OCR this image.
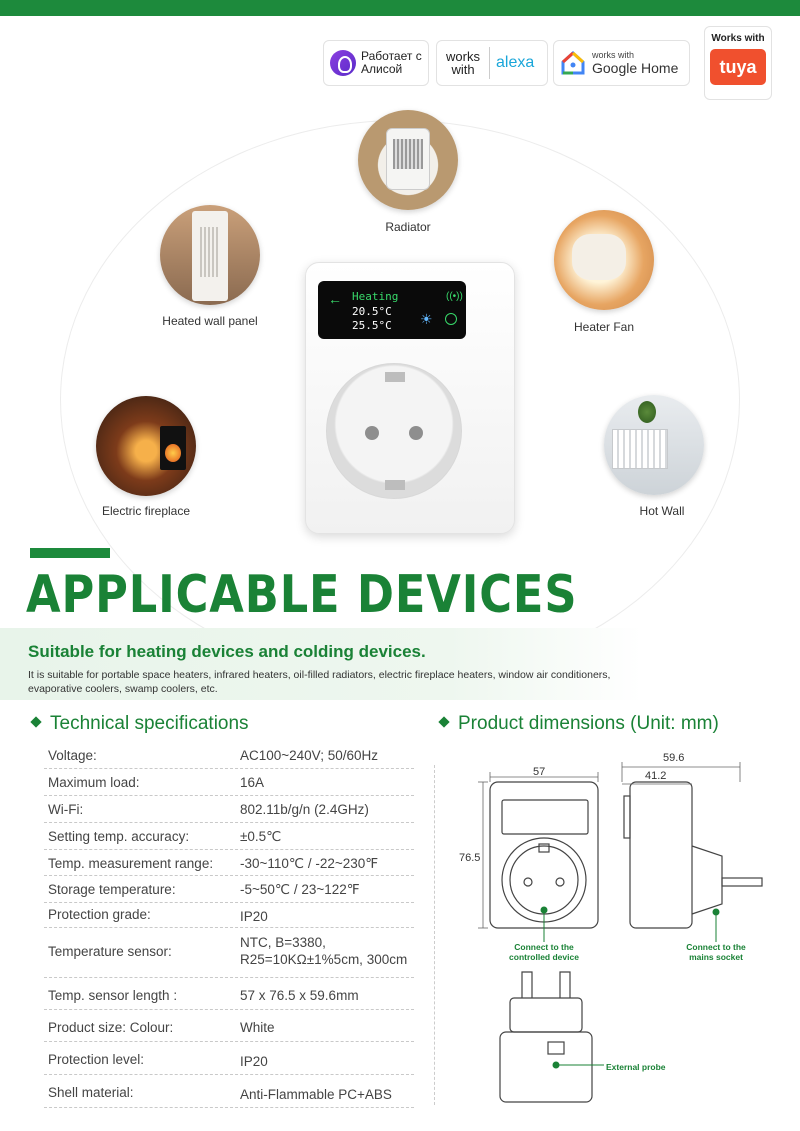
Работает с Алисой
works with	alexa	works with
Google Home
Works with
tuya
Radiator
Heated wall panel	Heater Fan
Electric fireplace	Hot Wall
← Heating
20.5°C
25.5°C ☀
((•))
APPLICABLE DEVICES
Suitable for heating devices and colding devices.
It is suitable for portable space heaters, infrared heaters, oil-filled radiators, electric fireplace heaters, window air conditioners, evaporative coolers, swamp coolers, etc.
Technical specifications	Product dimensions (Unit: mm)
Voltage:	AC100~240V; 50/60Hz
Maximum load:	16A
Wi-Fi:	802.11b/g/n (2.4GHz)
Setting temp. accuracy:	±0.5℃
Temp. measurement range: -30~110℃ / -22~230℉
Storage temperature:	-5~50℃ / 23~122℉
Protection grade:	IP20
Temperature sensor:
NTC, B=3380,
R25=10KΩ±1%5cm, 300cm
Temp. sensor length :	57 x 76.5 x 59.6mm
Product size: Colour:	White
Protection level:	IP20
Shell material:	Anti-Flammable PC+ABS
57
76.5
59.6
41.2
Connect to the controlled device
Connect to the mains socket
External probe
